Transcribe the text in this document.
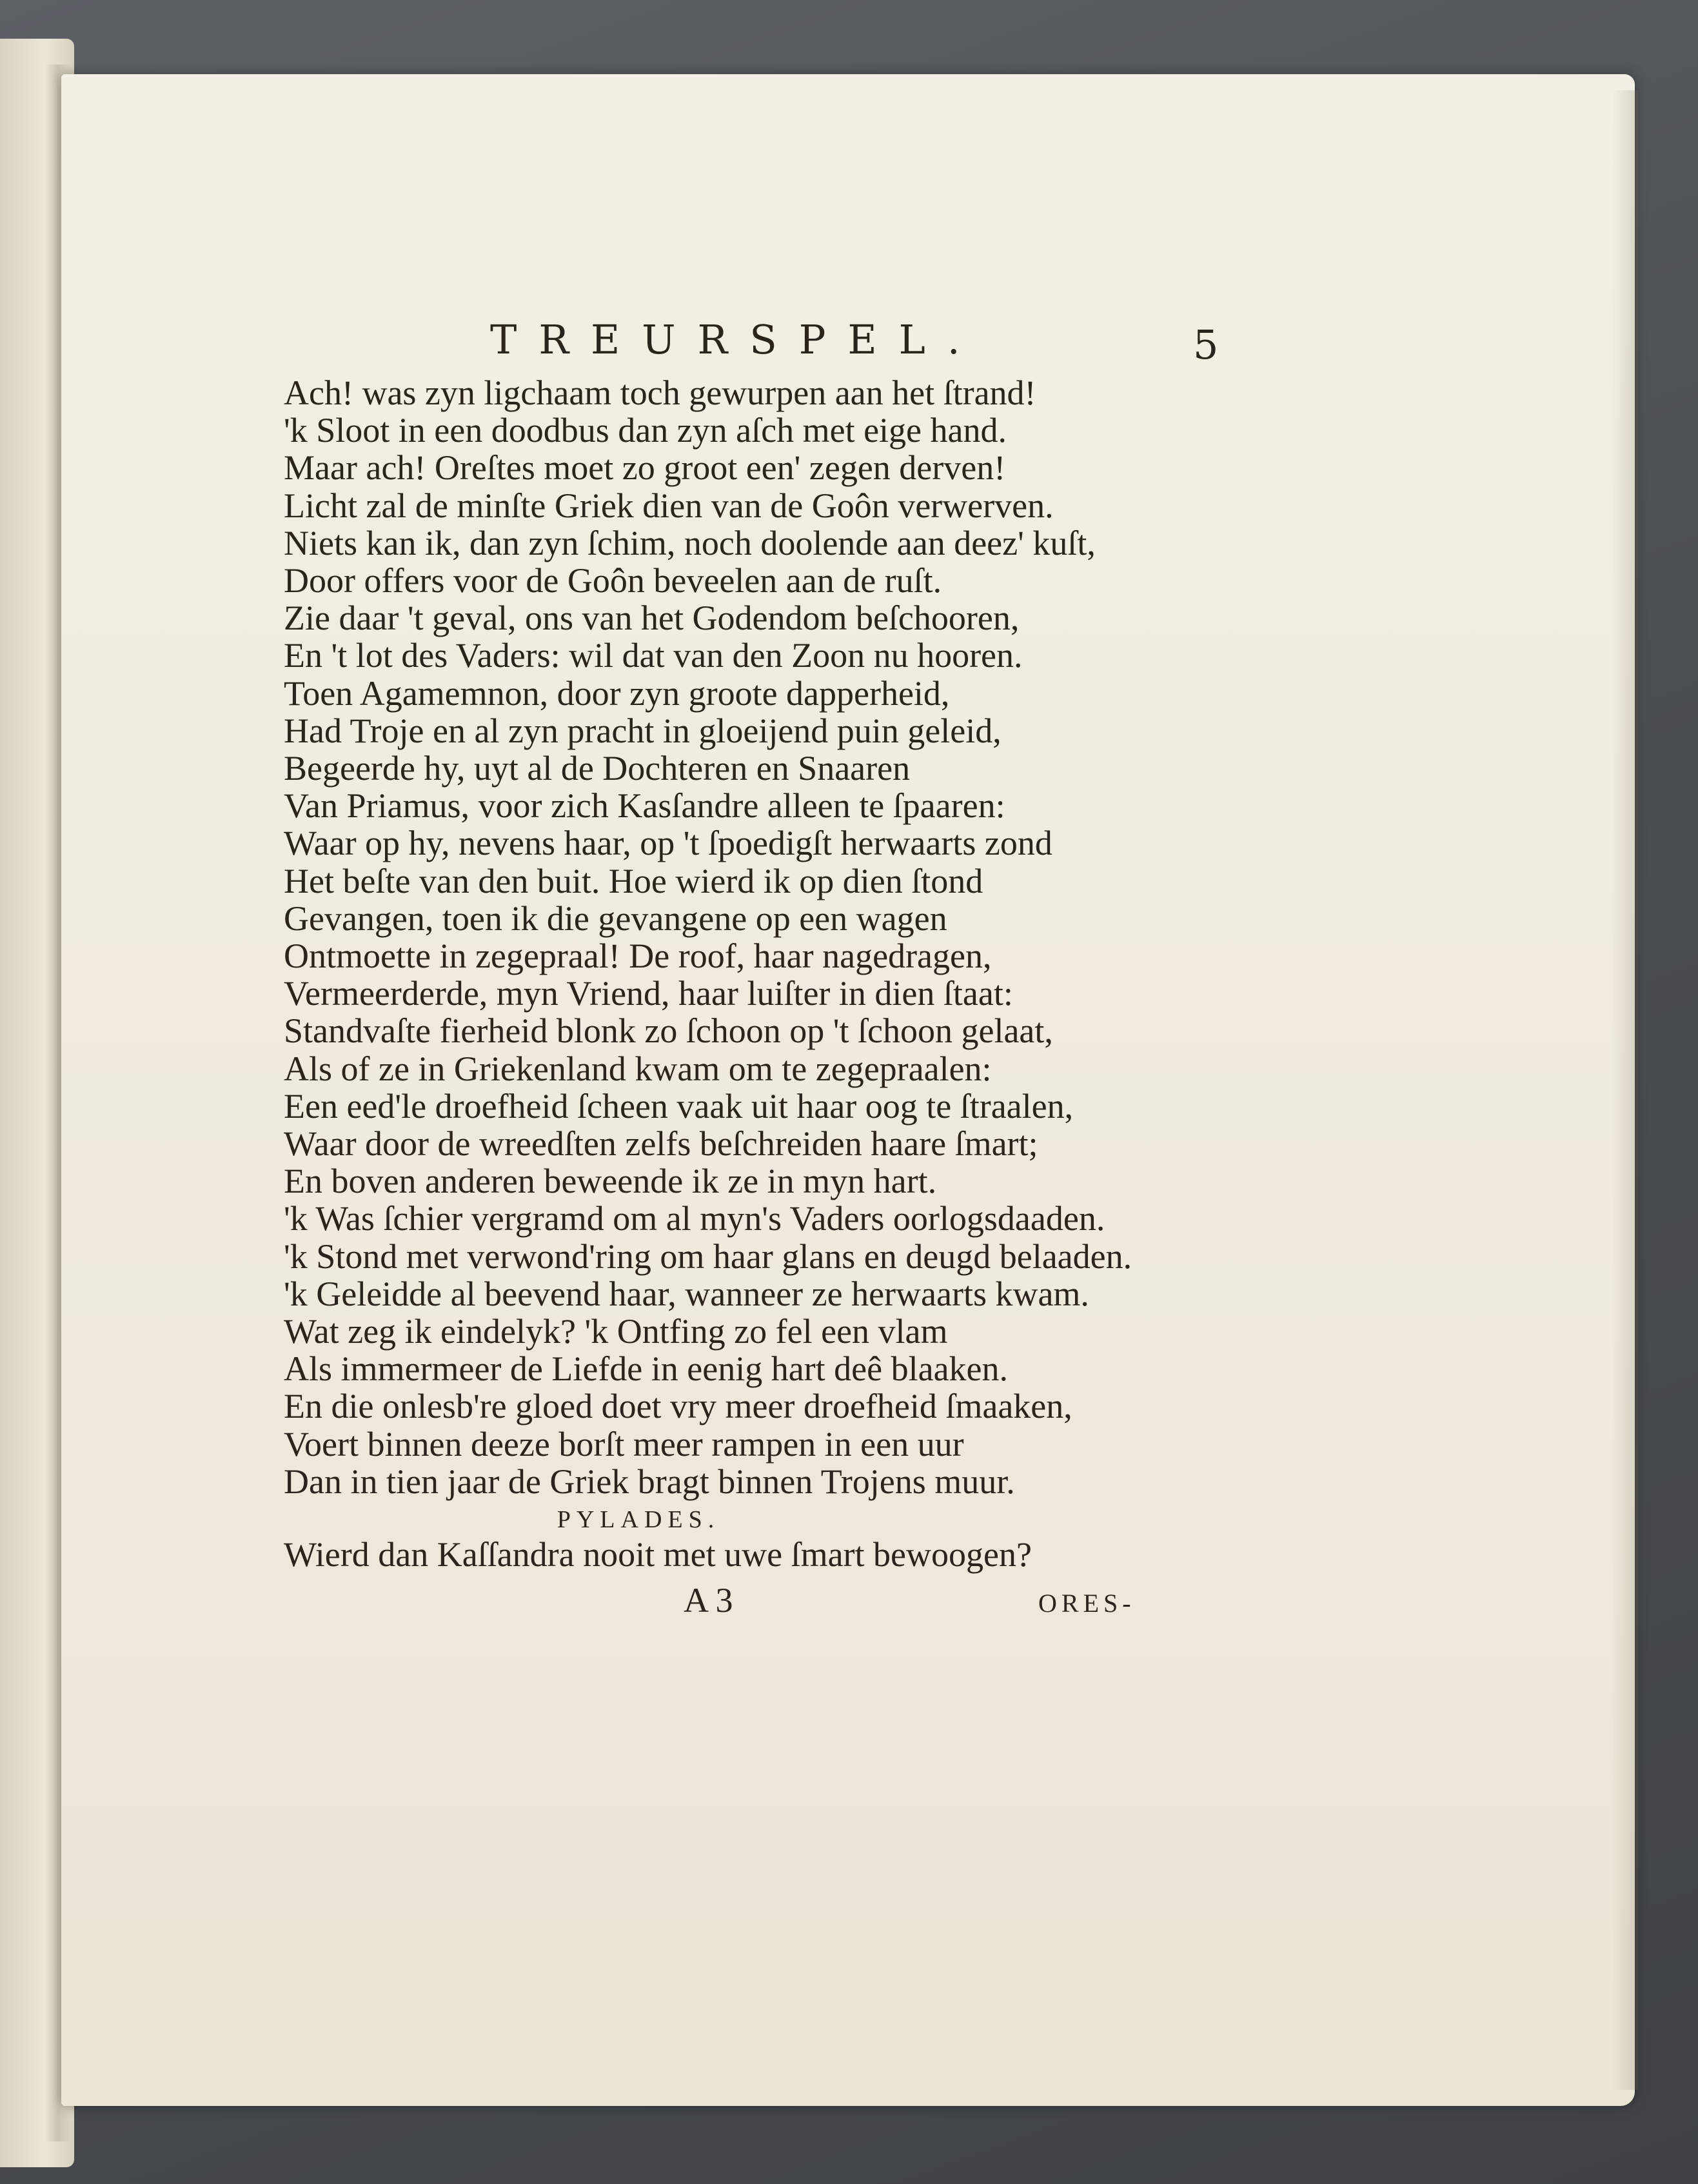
TREURSPEL.	5
Ach! was zyn ligchaam toch gewurpen aan het ſtrand!
'k Sloot in een doodbus dan zyn aſch met eige hand.
Maar ach! Oreſtes moet zo groot een' zegen derven!
Licht zal de minſte Griek dien van de Goôn verwerven.
Niets kan ik, dan zyn ſchim, noch doolende aan deez' kuſt,
Door offers voor de Goôn beveelen aan de ruſt.
Zie daar 't geval, ons van het Godendom beſchooren,
En 't lot des Vaders: wil dat van den Zoon nu hooren.
Toen Agamemnon, door zyn groote dapperheid,
Had Troje en al zyn pracht in gloeijend puin geleid,
Begeerde hy, uyt al de Dochteren en Snaaren
Van Priamus, voor zich Kasſandre alleen te ſpaaren:
Waar op hy, nevens haar, op 't ſpoedigſt herwaarts zond
Het beſte van den buit. Hoe wierd ik op dien ſtond
Gevangen, toen ik die gevangene op een wagen
Ontmoette in zegepraal! De roof, haar nagedragen,
Vermeerderde, myn Vriend, haar luiſter in dien ſtaat:
Standvaſte fierheid blonk zo ſchoon op 't ſchoon gelaat,
Als of ze in Griekenland kwam om te zegepraalen:
Een eed'le droefheid ſcheen vaak uit haar oog te ſtraalen,
Waar door de wreedſten zelfs beſchreiden haare ſmart;
En boven anderen beweende ik ze in myn hart.
'k Was ſchier vergramd om al myn's Vaders oorlogsdaaden.
'k Stond met verwond'ring om haar glans en deugd belaaden.
'k Geleidde al beevend haar, wanneer ze herwaarts kwam.
Wat zeg ik eindelyk? 'k Ontfing zo fel een vlam
Als immermeer de Liefde in eenig hart deê blaaken.
En die onlesb're gloed doet vry meer droefheid ſmaaken,
Voert binnen deeze borſt meer rampen in een uur
Dan in tien jaar de Griek bragt binnen Trojens muur.
PYLADES.
Wierd dan Kaſſandra nooit met uwe ſmart bewoogen?
A 3	ORES-
